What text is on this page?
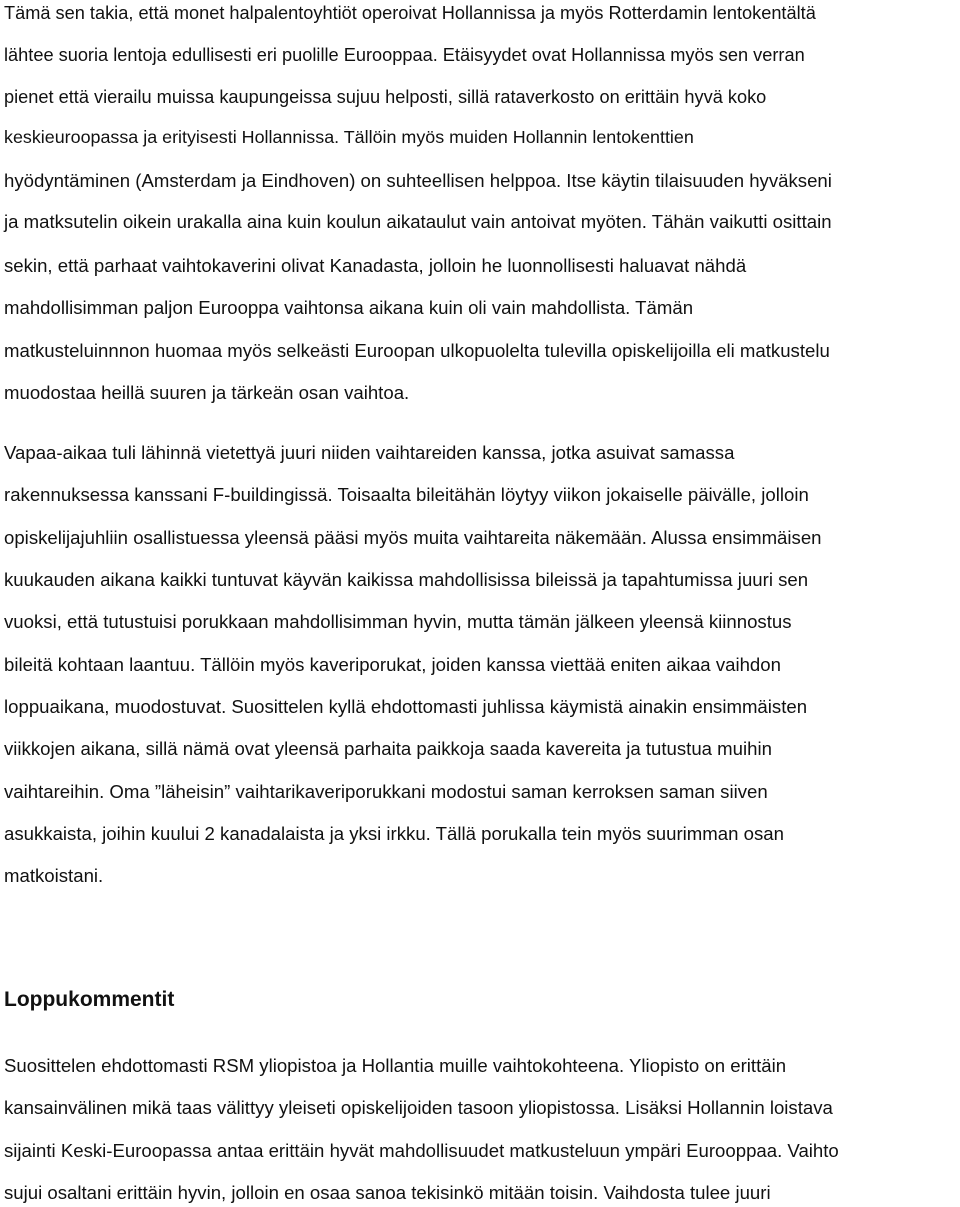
Tämä sen takia, että monet halpalentoyhtiöt operoivat Hollannissa ja myös Rotterdamin lentokentältä
lähtee suoria lentoja edullisesti eri puolille Eurooppaa. Etäisyydet ovat Hollannissa myös sen verran
pienet että vierailu muissa kaupungeissa sujuu helposti, sillä rataverkosto on erittäin hyvä koko
keskieuroopassa ja erityisesti Hollannissa. Tällöin myös muiden Hollannin lentokenttien
hyödyntäminen (Amsterdam ja Eindhoven) on suhteellisen helppoa. Itse käytin tilaisuuden hyväkseni
ja matksutelin oikein urakalla aina kuin koulun aikataulut vain antoivat myöten. Tähän vaikutti osittain
sekin, että parhaat vaihtokaverini olivat Kanadasta, jolloin he luonnollisesti haluavat nähdä
mahdollisimman paljon Eurooppa vaihtonsa aikana kuin oli vain mahdollista. Tämän
matkusteluinnnon huomaa myös selkeästi Euroopan ulkopuolelta tulevilla opiskelijoilla eli matkustelu
muodostaa heillä suuren ja tärkeän osan vaihtoa.
Vapaa-aikaa tuli lähinnä vietettyä juuri niiden vaihtareiden kanssa, jotka asuivat samassa
rakennuksessa kanssani F-buildingissä. Toisaalta bileitähän löytyy viikon jokaiselle päivälle, jolloin
opiskelijajuhliin osallistuessa yleensä pääsi myös muita vaihtareita näkemään. Alussa ensimmäisen
kuukauden aikana kaikki tuntuvat käyvän kaikissa mahdollisissa bileissä ja tapahtumissa juuri sen
vuoksi, että tutustuisi porukkaan mahdollisimman hyvin, mutta tämän jälkeen yleensä kiinnostus
bileitä kohtaan laantuu. Tällöin myös kaveriporukat, joiden kanssa viettää eniten aikaa vaihdon
loppuaikana, muodostuvat. Suosittelen kyllä ehdottomasti juhlissa käymistä ainakin ensimmäisten
viikkojen aikana, sillä nämä ovat yleensä parhaita paikkoja saada kavereita ja tutustua muihin
vaihtareihin. Oma ”läheisin” vaihtarikaveriporukkani modostui saman kerroksen saman siiven
asukkaista, joihin kuului 2 kanadalaista ja yksi irkku. Tällä porukalla tein myös suurimman osan
matkoistani.
Loppukommentit
Suosittelen ehdottomasti RSM yliopistoa ja Hollantia muille vaihtokohteena. Yliopisto on erittäin
kansainvälinen mikä taas välittyy yleiseti opiskelijoiden tasoon yliopistossa. Lisäksi Hollannin loistava
sijainti Keski-Euroopassa antaa erittäin hyvät mahdollisuudet matkusteluun ympäri Eurooppaa. Vaihto
sujui osaltani erittäin hyvin, jolloin en osaa sanoa tekisinkö mitään toisin. Vaihdosta tulee juuri
